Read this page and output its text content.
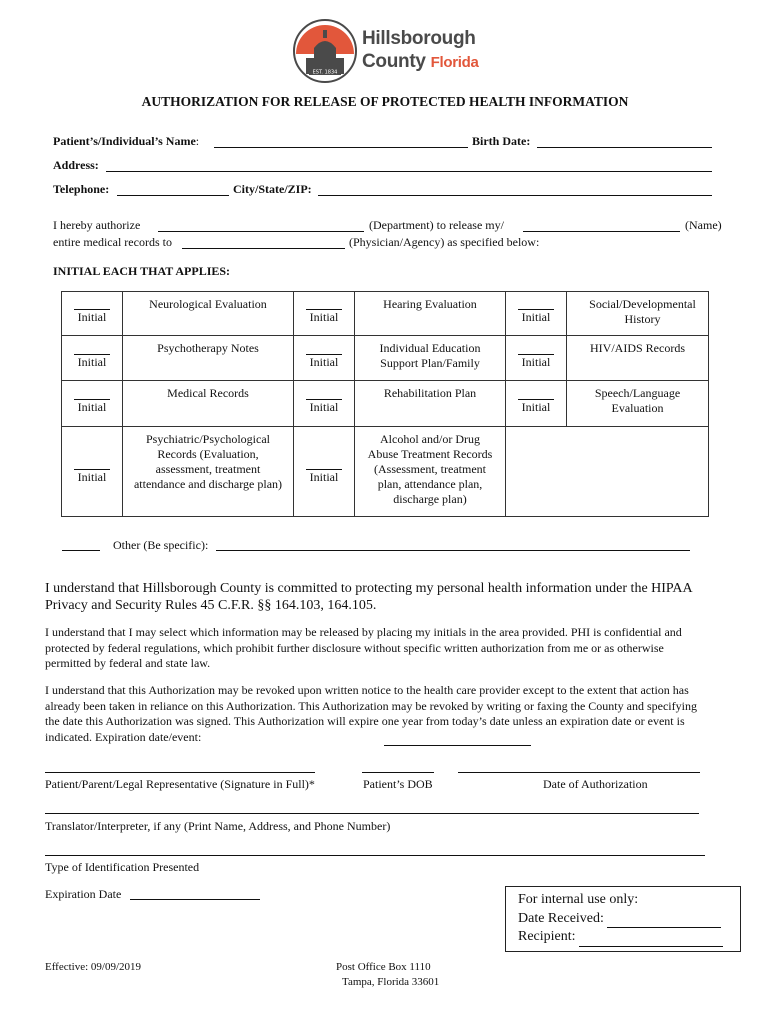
EST. 1834
Hillsborough
County Florida
AUTHORIZATION FOR RELEASE OF PROTECTED HEALTH INFORMATION
Patient’s/Individual’s Name:	Birth Date:
Address:
Telephone:	City/State/ZIP:
I hereby authorize	(Department) to release my/	(Name)
entire medical records to	(Physician/Agency) as specified below:
INITIAL EACH THAT APPLIES:
Initial	Neurological Evaluation	Initial	Hearing Evaluation	Initial	Social/Developmental History

Initial	Psychotherapy Notes	Initial	Individual Education Support Plan/Family	Initial	HIV/AIDS Records

Initial	Medical Records	Initial	Rehabilitation Plan	Initial	Speech/Language Evaluation

Initial	Psychiatric/Psychological Records (Evaluation, assessment, treatment attendance and discharge plan)	Initial	Alcohol and/or Drug Abuse Treatment Records (Assessment, treatment plan, attendance plan, discharge plan)		
Other (Be specific):
I understand that Hillsborough County is committed to protecting my personal health information under the HIPAA Privacy and Security Rules 45 C.F.R. §§ 164.103, 164.105.
I understand that I may select which information may be released by placing my initials in the area provided. PHI is confidential and protected by federal regulations, which prohibit further disclosure without specific written authorization from me or as otherwise permitted by federal and state law.
I understand that this Authorization may be revoked upon written notice to the health care provider except to the extent that action has already been taken in reliance on this Authorization. This Authorization may be revoked by writing or faxing the County and specifying the date this Authorization was signed. This Authorization will expire one year from today’s date unless an expiration date or event is indicated. Expiration date/event:
Patient/Parent/Legal Representative (Signature in Full)*	Patient’s DOB	Date of Authorization
Translator/Interpreter, if any (Print Name, Address, and Phone Number)
Type of Identification Presented
Expiration Date	For internal use only:
Date Received:
Recipient:
Effective: 09/09/2019	Post Office Box 1110
Tampa, Florida 33601
